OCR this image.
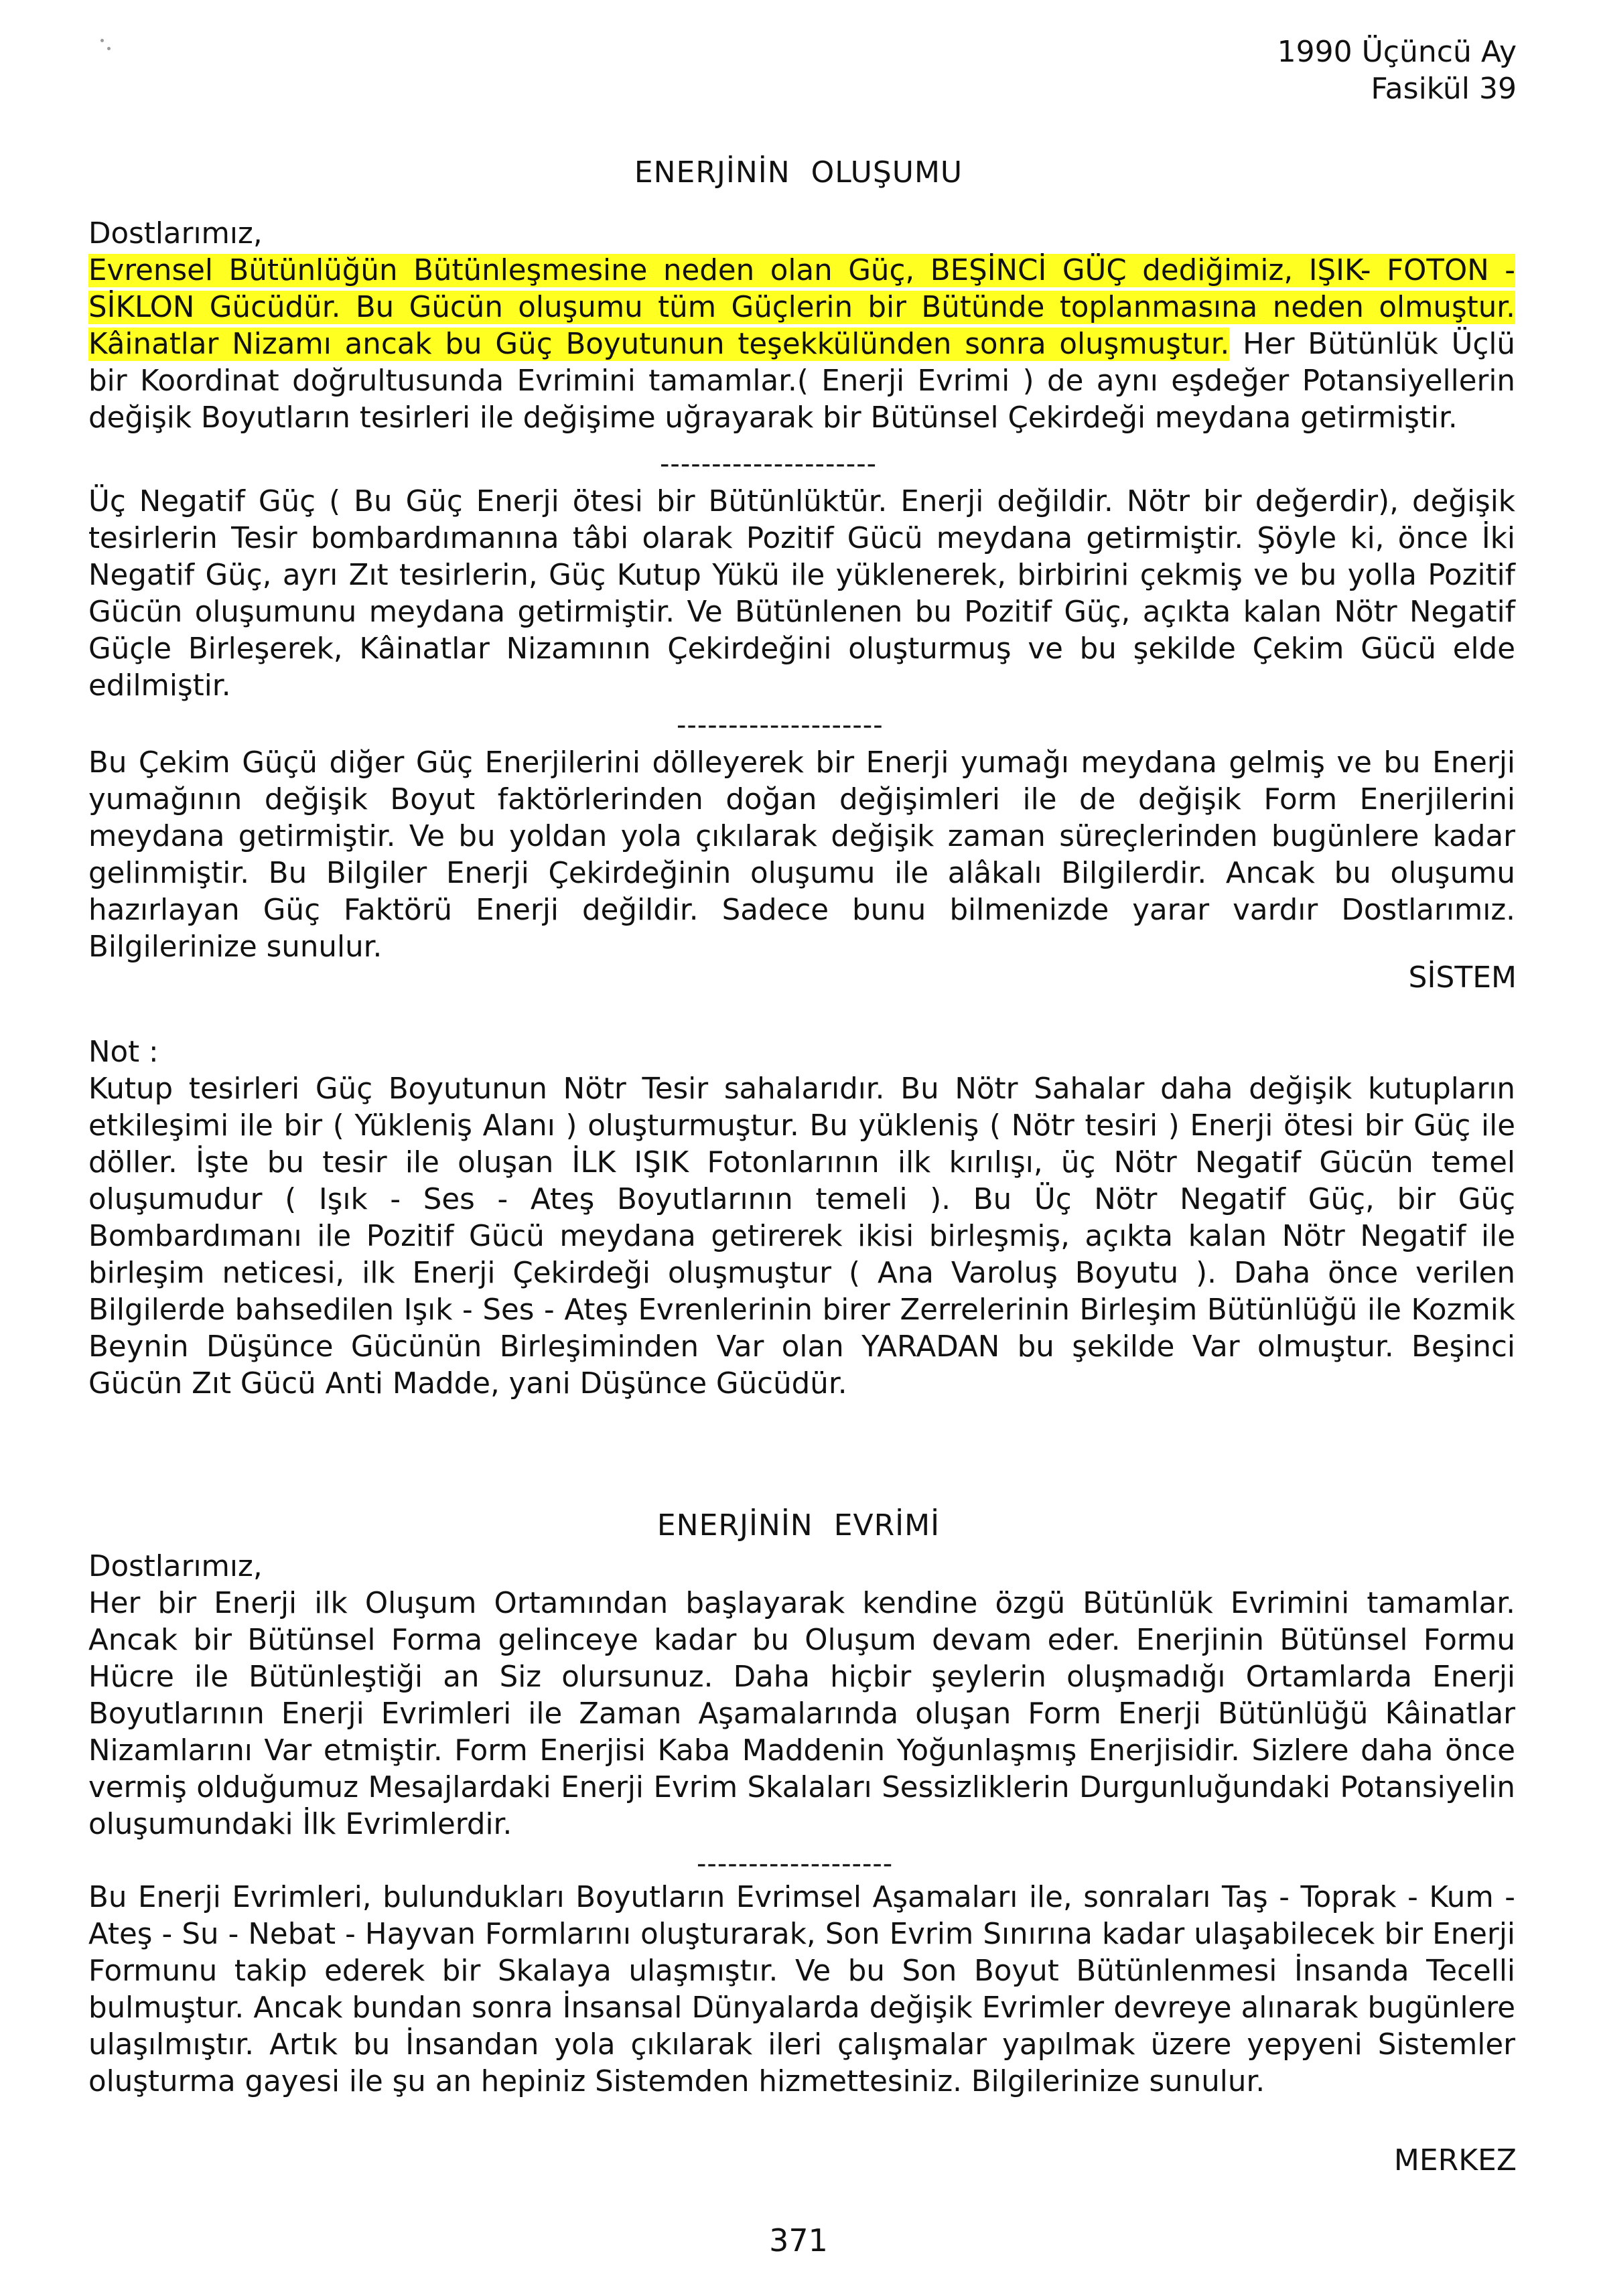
1990 Üçüncü Ay
Fasikül 39
ENERJİNİN OLUŞUMU
Dostlarımız,
Evrensel Bütünlüğün Bütünleşmesine neden olan Güç, BEŞİNCİ GÜÇ dediğimiz, IŞIK- FOTON - SİKLON Gücüdür. Bu Gücün oluşumu tüm Güçlerin bir Bütünde toplanmasına neden olmuştur. Kâinatlar Nizamı ancak bu Güç Boyutunun teşekkülünden sonra oluşmuştur. Her Bütünlük Üçlü bir Koordinat doğrultusunda Evrimini tamamlar.( Enerji Evrimi ) de aynı eşdeğer Potansiyellerin değişik Boyutların tesirleri ile değişime uğrayarak bir Bütünsel Çekirdeği meydana getirmiştir.
---------------------
Üç Negatif Güç ( Bu Güç Enerji ötesi bir Bütünlüktür. Enerji değildir. Nötr bir değerdir), değişik tesirlerin Tesir bombardımanına tâbi olarak Pozitif Gücü meydana getirmiştir. Şöyle ki, önce İki Negatif Güç, ayrı Zıt tesirlerin, Güç Kutup Yükü ile yüklenerek, birbirini çekmiş ve bu yolla Pozitif Gücün oluşumunu meydana getirmiştir. Ve Bütünlenen bu Pozitif Güç, açıkta kalan Nötr Negatif Güçle Birleşerek, Kâinatlar Nizamının Çekirdeğini oluşturmuş ve bu şekilde Çekim Gücü elde edilmiştir.
--------------------
Bu Çekim Güçü diğer Güç Enerjilerini dölleyerek bir Enerji yumağı meydana gelmiş ve bu Enerji yumağının değişik Boyut faktörlerinden doğan değişimleri ile de değişik Form Enerjilerini meydana getirmiştir. Ve bu yoldan yola çıkılarak değişik zaman süreçlerinden bugünlere kadar gelinmiştir. Bu Bilgiler Enerji Çekirdeğinin oluşumu ile alâkalı Bilgilerdir. Ancak bu oluşumu hazırlayan Güç Faktörü Enerji değildir. Sadece bunu bilmenizde yarar vardır Dostlarımız. Bilgilerinize sunulur.
SİSTEM
Not :
Kutup tesirleri Güç Boyutunun Nötr Tesir sahalarıdır. Bu Nötr Sahalar daha değişik kutupların etkileşimi ile bir ( Yükleniş Alanı ) oluşturmuştur. Bu yükleniş ( Nötr tesiri ) Enerji ötesi bir Güç ile döller. İşte bu tesir ile oluşan İLK IŞIK Fotonlarının ilk kırılışı, üç Nötr Negatif Gücün temel oluşumudur ( Işık - Ses - Ateş Boyutlarının temeli ). Bu Üç Nötr Negatif Güç, bir Güç Bombardımanı ile Pozitif Gücü meydana getirerek ikisi birleşmiş, açıkta kalan Nötr Negatif ile birleşim neticesi, ilk Enerji Çekirdeği oluşmuştur ( Ana Varoluş Boyutu ). Daha önce verilen Bilgilerde bahsedilen Işık - Ses - Ateş Evrenlerinin birer Zerrelerinin Birleşim Bütünlüğü ile Kozmik Beynin Düşünce Gücünün Birleşiminden Var olan YARADAN bu şekilde Var olmuştur. Beşinci Gücün Zıt Gücü Anti Madde, yani Düşünce Gücüdür.
ENERJİNİN EVRİMİ
Dostlarımız,
Her bir Enerji ilk Oluşum Ortamından başlayarak kendine özgü Bütünlük Evrimini tamamlar. Ancak bir Bütünsel Forma gelinceye kadar bu Oluşum devam eder. Enerjinin Bütünsel Formu Hücre ile Bütünleştiği an Siz olursunuz. Daha hiçbir şeylerin oluşmadığı Ortamlarda Enerji Boyutlarının Enerji Evrimleri ile Zaman Aşamalarında oluşan Form Enerji Bütünlüğü Kâinatlar Nizamlarını Var etmiştir. Form Enerjisi Kaba Maddenin Yoğunlaşmış Enerjisidir. Sizlere daha önce vermiş olduğumuz Mesajlardaki Enerji Evrim Skalaları Sessizliklerin Durgunluğundaki Potansiyelin oluşumundaki İlk Evrimlerdir.
-------------------
Bu Enerji Evrimleri, bulundukları Boyutların Evrimsel Aşamaları ile, sonraları Taş - Toprak - Kum - Ateş - Su - Nebat - Hayvan Formlarını oluşturarak, Son Evrim Sınırına kadar ulaşabilecek bir Enerji Formunu takip ederek bir Skalaya ulaşmıştır. Ve bu Son Boyut Bütünlenmesi İnsanda Tecelli bulmuştur. Ancak bundan sonra İnsansal Dünyalarda değişik Evrimler devreye alınarak bugünlere ulaşılmıştır. Artık bu İnsandan yola çıkılarak ileri çalışmalar yapılmak üzere yepyeni Sistemler oluşturma gayesi ile şu an hepiniz Sistemden hizmettesiniz. Bilgilerinize sunulur.
MERKEZ
371
